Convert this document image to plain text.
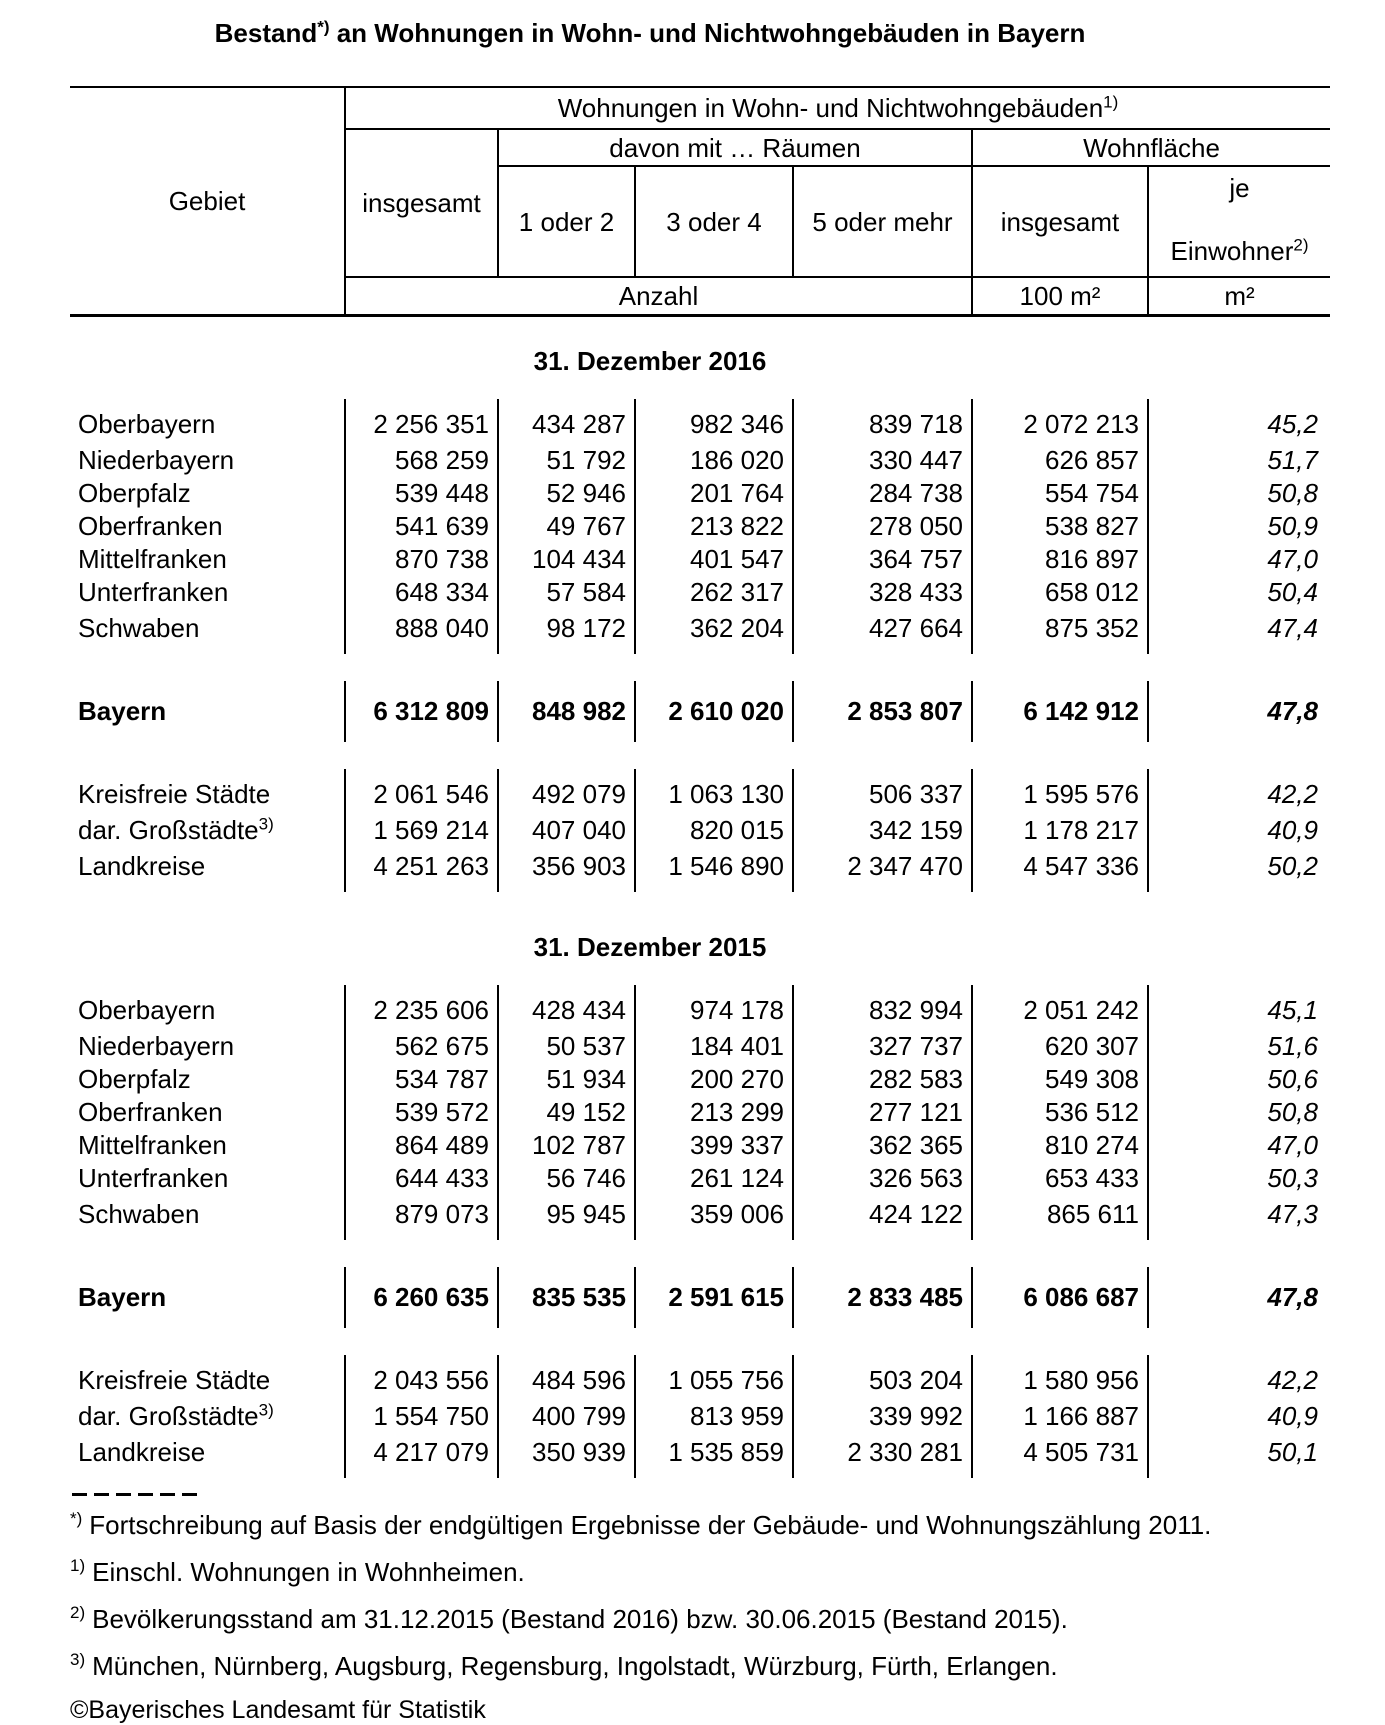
Bestand*) an Wohnungen in Wohn- und Nichtwohngebäuden in Bayern
Gebiet	Wohnungen in Wohn- und Nichtwohngebäuden$^{1)}$
	insgesamt	davon mit … Räumen			Wohnfläche	
		1 oder 2	3 oder 4	5 oder mehr	insgesamt	je
Einwohner$^{2)}$

	Anzahl				100 m²	m²
31. Dezember 2016
Oberbayern	2 256 351	434 287	982 346	839 718	2 072 213	45,2
Niederbayern	568 259	51 792	186 020	330 447	626 857	51,7
Oberpfalz	539 448	52 946	201 764	284 738	554 754	50,8
Oberfranken	541 639	49 767	213 822	278 050	538 827	50,9
Mittelfranken	870 738	104 434	401 547	364 757	816 897	47,0
Unterfranken	648 334	57 584	262 317	328 433	658 012	50,4
Schwaben	888 040	98 172	362 204	427 664	875 352	47,4

Bayern	6 312 809	848 982	2 610 020	2 853 807	6 142 912	47,8

Kreisfreie Städte	2 061 546	492 079	1 063 130	506 337	1 595 576	42,2
dar. Großstädte$^{3)}$	1 569 214	407 040	820 015	342 159	1 178 217	40,9
Landkreise	4 251 263	356 903	1 546 890	2 347 470	4 547 336	50,2
31. Dezember 2015
Oberbayern	2 235 606	428 434	974 178	832 994	2 051 242	45,1
Niederbayern	562 675	50 537	184 401	327 737	620 307	51,6
Oberpfalz	534 787	51 934	200 270	282 583	549 308	50,6
Oberfranken	539 572	49 152	213 299	277 121	536 512	50,8
Mittelfranken	864 489	102 787	399 337	362 365	810 274	47,0
Unterfranken	644 433	56 746	261 124	326 563	653 433	50,3
Schwaben	879 073	95 945	359 006	424 122	865 611	47,3

Bayern	6 260 635	835 535	2 591 615	2 833 485	6 086 687	47,8

Kreisfreie Städte	2 043 556	484 596	1 055 756	503 204	1 580 956	42,2
dar. Großstädte$^{3)}$	1 554 750	400 799	813 959	339 992	1 166 887	40,9
Landkreise	4 217 079	350 939	1 535 859	2 330 281	4 505 731	50,1
*) Fortschreibung auf Basis der endgültigen Ergebnisse der Gebäude- und Wohnungszählung 2011.
$^{1)}$ Einschl. Wohnungen in Wohnheimen.
$^{2)}$ Bevölkerungsstand am 31.12.2015 (Bestand 2016) bzw. 30.06.2015 (Bestand 2015).
$^{3)}$ München, Nürnberg, Augsburg, Regensburg, Ingolstadt, Würzburg, Fürth, Erlangen.
©Bayerisches Landesamt für Statistik
